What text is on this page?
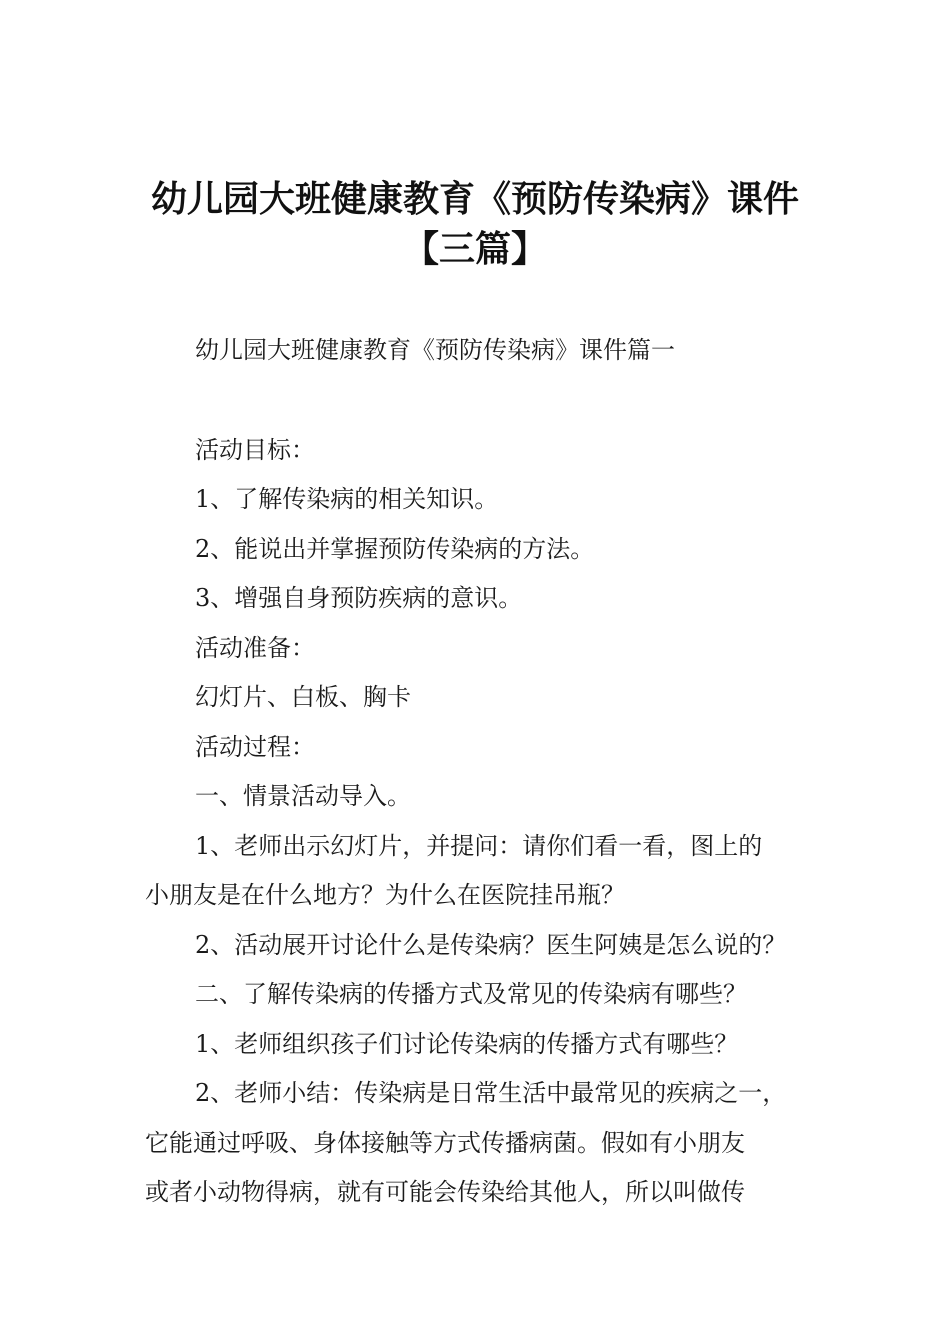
幼儿园大班健康教育《预防传染病》课件
【三篇】
幼儿园大班健康教育《预防传染病》课件篇一
活动目标：
1、了解传染病的相关知识。
2、能说出并掌握预防传染病的方法。
3、增强自身预防疾病的意识。
活动准备：
幻灯片、白板、胸卡
活动过程：
一、情景活动导入。
1、老师出示幻灯片，并提问：请你们看一看，图上的
小朋友是在什么地方？为什么在医院挂吊瓶？
2、活动展开讨论什么是传染病？医生阿姨是怎么说的？
二、了解传染病的传播方式及常见的传染病有哪些？
1、老师组织孩子们讨论传染病的传播方式有哪些？
2、老师小结：传染病是日常生活中最常见的疾病之一，
它能通过呼吸、身体接触等方式传播病菌。假如有小朋友
或者小动物得病，就有可能会传染给其他人，所以叫做传
